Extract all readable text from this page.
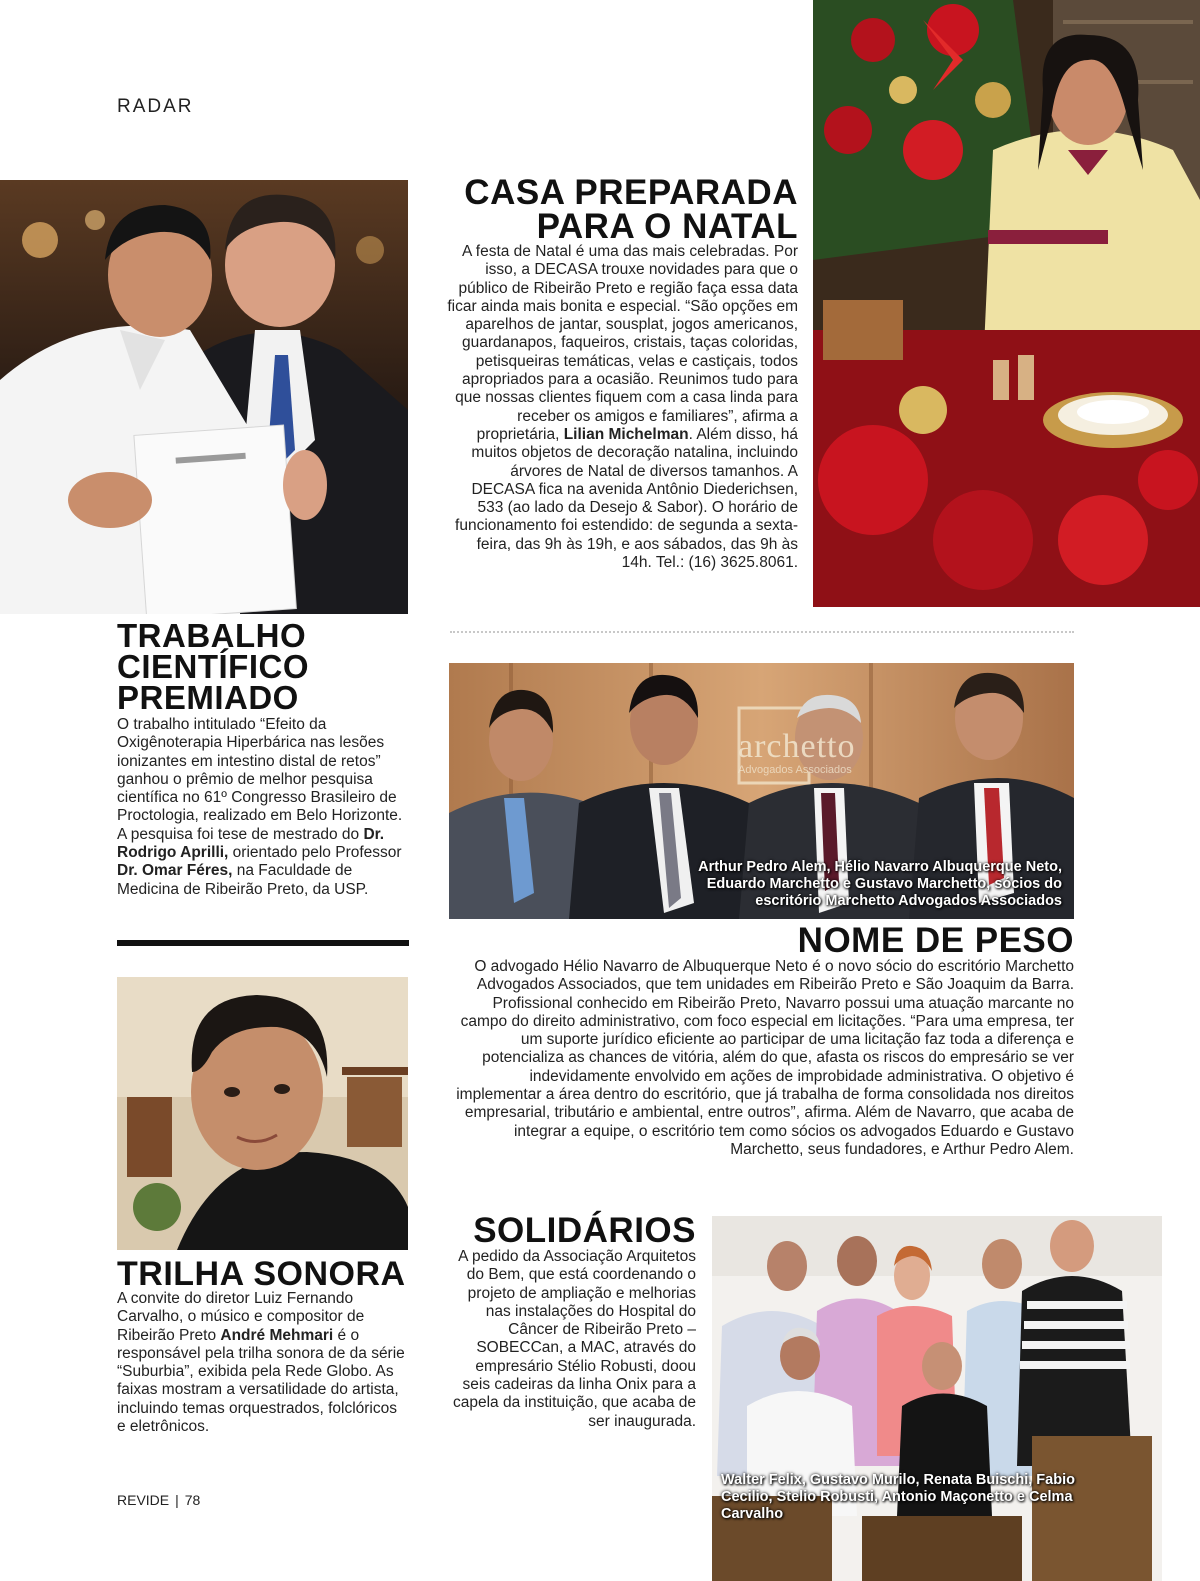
RADAR
CASA PREPARADA
PARA O NATAL

A festa de Natal é uma das mais celebradas. Por isso, a DECASA trouxe novidades para que o público de Ribeirão Preto e região faça essa data ficar ainda mais bonita e especial. “São opções em aparelhos de jantar, sousplat, jogos americanos, guardanapos, faqueiros, cristais, taças coloridas, petisqueiras temáticas, velas e castiçais, todos apropriados para a ocasião. Reunimos tudo para que nossas clientes fiquem com a casa linda para receber os amigos e familiares”, afirma a proprietária, Lilian Michelman. Além disso, há muitos objetos de decoração natalina, incluindo árvores de Natal de diversos tamanhos. A DECASA fica na avenida Antônio Diederichsen, 533 (ao lado da Desejo & Sabor). O horário de funcionamento foi estendido: de segunda a sexta-feira, das 9h às 19h, e aos sábados, das 9h às 14h. Tel.: (16) 3625.8061.

TRABALHO
CIENTÍFICO
PREMIADO

O trabalho intitulado “Efeito da Oxigênoterapia Hiperbárica nas lesões ionizantes em intestino distal de retos” ganhou o prêmio de melhor pesquisa científica no 61º Congresso Brasileiro de Proctologia, realizado em Belo Horizonte. A pesquisa foi tese de mestrado do Dr. Rodrigo Aprilli, orientado pelo Professor Dr. Omar Féres, na Faculdade de Medicina de Ribeirão Preto, da USP.

archetto
Advogados Associados
Arthur Pedro Alem, Hélio Navarro Albuquerque Neto, Eduardo Marchetto e Gustavo Marchetto, sócios do escritório Marchetto Advogados Associados
NOME DE PESO
O advogado Hélio Navarro de Albuquerque Neto é o novo sócio do escritório Marchetto Advogados Associados, que tem unidades em Ribeirão Preto e São Joaquim da Barra. Profissional conhecido em Ribeirão Preto, Navarro possui uma atuação marcante no campo do direito administrativo, com foco especial em licitações. “Para uma empresa, ter um suporte jurídico eficiente ao participar de uma licitação faz toda a diferença e potencializa as chances de vitória, além do que, afasta os riscos do empresário se ver indevidamente envolvido em ações de improbidade administrativa. O objetivo é implementar a área dentro do escritório, que já trabalha de forma consolidada nos direitos empresarial, tributário e ambiental, entre outros”, afirma. Além de Navarro, que acaba de integrar a equipe, o escritório tem como sócios os advogados Eduardo e Gustavo Marchetto, seus fundadores, e Arthur Pedro Alem.
TRILHA SONORA

A convite do diretor Luiz Fernando Carvalho, o músico e compositor de Ribeirão Preto André Mehmari é o responsável pela trilha sonora de da série “Suburbia”, exibida pela Rede Globo. As faixas mostram a versatilidade do artista, incluindo temas orquestrados, folclóricos e eletrônicos.

SOLIDÁRIOS
A pedido da Associação Arquitetos do Bem, que está coordenando o projeto de ampliação e melhorias nas instalações do Hospital do Câncer de Ribeirão Preto – SOBECCan, a MAC, através do empresário Stélio Robusti, doou seis cadeiras da linha Onix para a capela da instituição, que acaba de ser inaugurada.
Walter Felix, Gustavo Murilo, Renata Buischi, Fabio Cecilio, Stelio Robusti, Antonio Maçonetto e Celma Carvalho
REVIDE | 78
